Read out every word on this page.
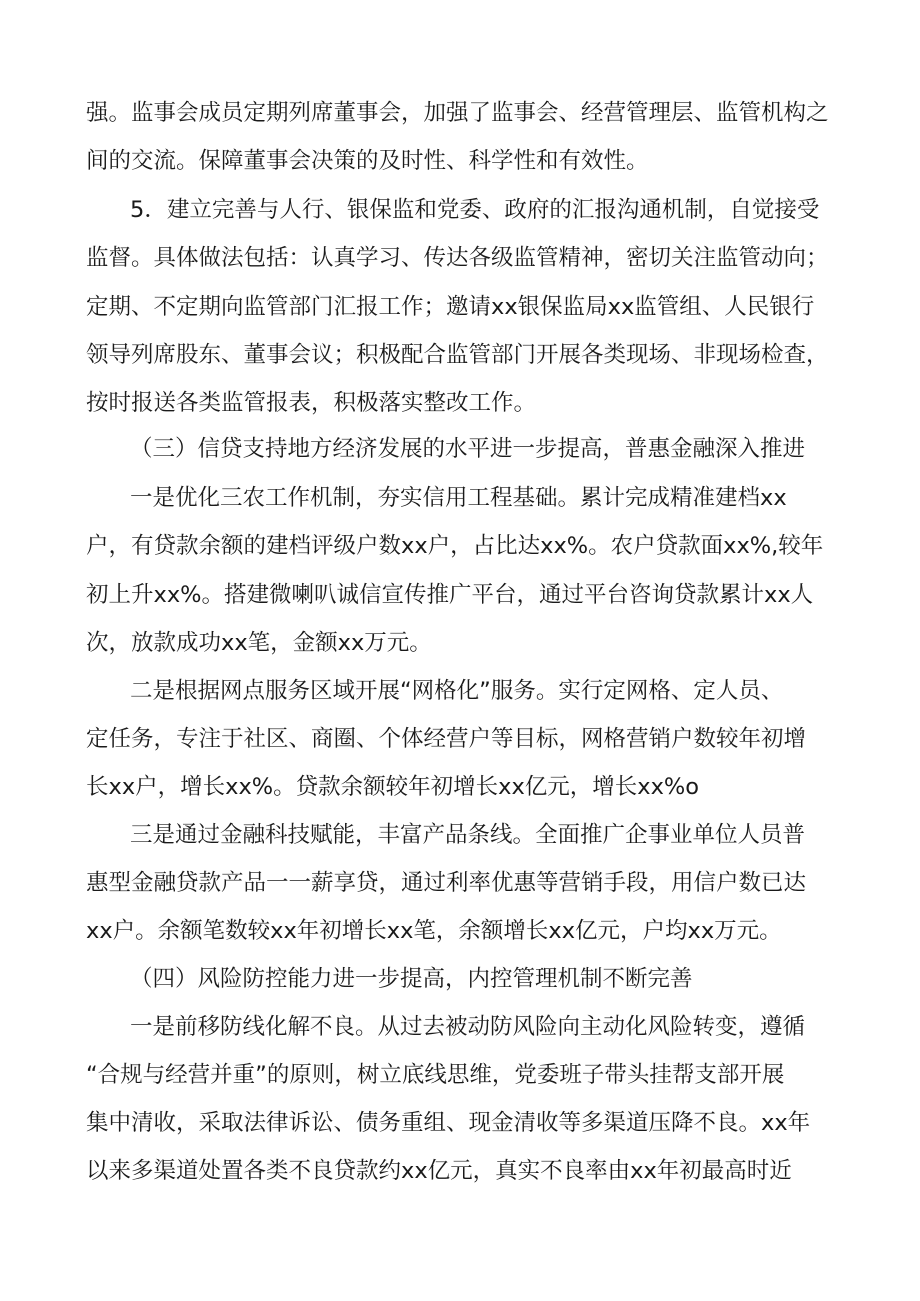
强。监事会成员定期列席董事会，加强了监事会、经营管理层、监管机构之
间的交流。保障董事会决策的及时性、科学性和有效性。
5．建立完善与人行、银保监和党委、政府的汇报沟通机制，自觉接受
监督。具体做法包括：认真学习、传达各级监管精神，密切关注监管动向；
定期、不定期向监管部门汇报工作；邀请xx银保监局xx监管组、人民银行
领导列席股东、董事会议；积极配合监管部门开展各类现场、非现场检查，
按时报送各类监管报表，积极落实整改工作。
（三）信贷支持地方经济发展的水平进一步提高，普惠金融深入推进
一是优化三农工作机制，夯实信用工程基础。累计完成精准建档xx
户，有贷款余额的建档评级户数xx户，占比达xx%。农户贷款面xx%,较年
初上升xx%。搭建微喇叭诚信宣传推广平台，通过平台咨询贷款累计xx人
次，放款成功xx笔，金额xx万元。
二是根据网点服务区域开展“网格化”服务。实行定网格、定人员、
定任务，专注于社区、商圈、个体经营户等目标，网格营销户数较年初增
长xx户，增长xx%。贷款余额较年初增长xx亿元，增长xx%o
三是通过金融科技赋能，丰富产品条线。全面推广企事业单位人员普
惠型金融贷款产品一一薪享贷，通过利率优惠等营销手段，用信户数已达
xx户。余额笔数较xx年初增长xx笔，余额增长xx亿元，户均xx万元。
（四）风险防控能力进一步提高，内控管理机制不断完善
一是前移防线化解不良。从过去被动防风险向主动化风险转变，遵循
“合规与经营并重”的原则，树立底线思维，党委班子带头挂帮支部开展
集中清收，采取法律诉讼、债务重组、现金清收等多渠道压降不良。xx年
以来多渠道处置各类不良贷款约xx亿元，真实不良率由xx年初最高时近
